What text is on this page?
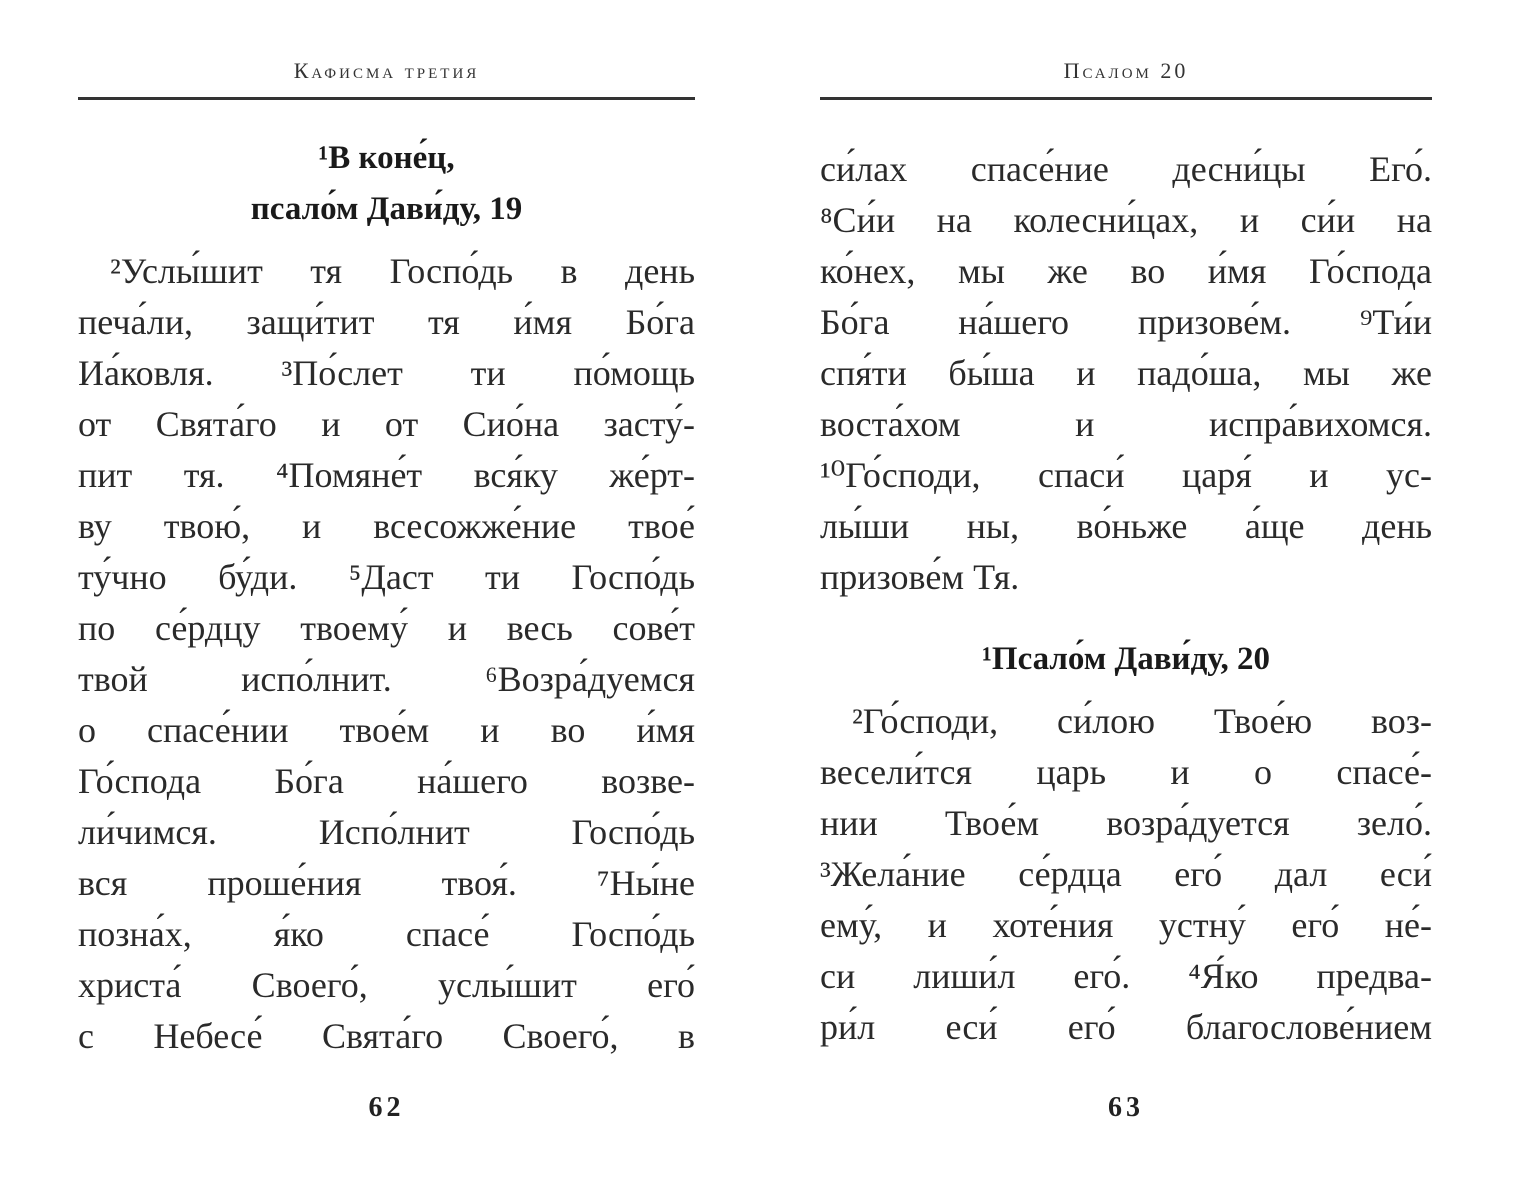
Кафисма третия
¹В коне́ц,
псало́м Дави́ду, 19
²Услы́шит тя Госпо́дь в день
печа́ли, защи́тит тя и́мя Бо́га
Иа́ковля. ³По́слет ти по́мощь
от Свята́го и от Сио́на засту́-
пит тя. ⁴Помяне́т вся́ку же́рт-
ву твою́, и всесожже́ние твое́
ту́чно бу́ди. ⁵Даст ти Госпо́дь
по се́рдцу твоему́ и весь сове́т
твой испо́лнит. ⁶Возра́дуемся
о спасе́нии твое́м и во и́мя
Го́спода Бо́га на́шего возве-
ли́чимся. Испо́лнит Госпо́дь
вся проше́ния твоя́. ⁷Ны́не
позна́х, я́ко спасе́ Госпо́дь
христа́ Своего́, услы́шит его́
с Небесе́ Свята́го Своего́, в
62
Псалом 20
си́лах спасе́ние десни́цы Его́.
⁸Си́и на колесни́цах, и си́и на
ко́нех, мы же во и́мя Го́спода
Бо́га на́шего призове́м. ⁹Ти́и
спя́ти бы́ша и падо́ша, мы же
воста́хом и испра́вихомся.
¹⁰Го́споди, спаси́ царя́ и ус-
лы́ши ны, во́ньже а́ще день
призове́м Тя.
¹Псало́м Дави́ду, 20
²Го́споди, си́лою Твое́ю воз-
весели́тся царь и о спасе́-
нии Твое́м возра́дуется зело́.
³Жела́ние се́рдца его́ дал еси́
ему́, и хоте́ния устну́ его́ не́-
си лиши́л его́. ⁴Я́ко предва-
ри́л еси́ его́ благослове́нием
63
